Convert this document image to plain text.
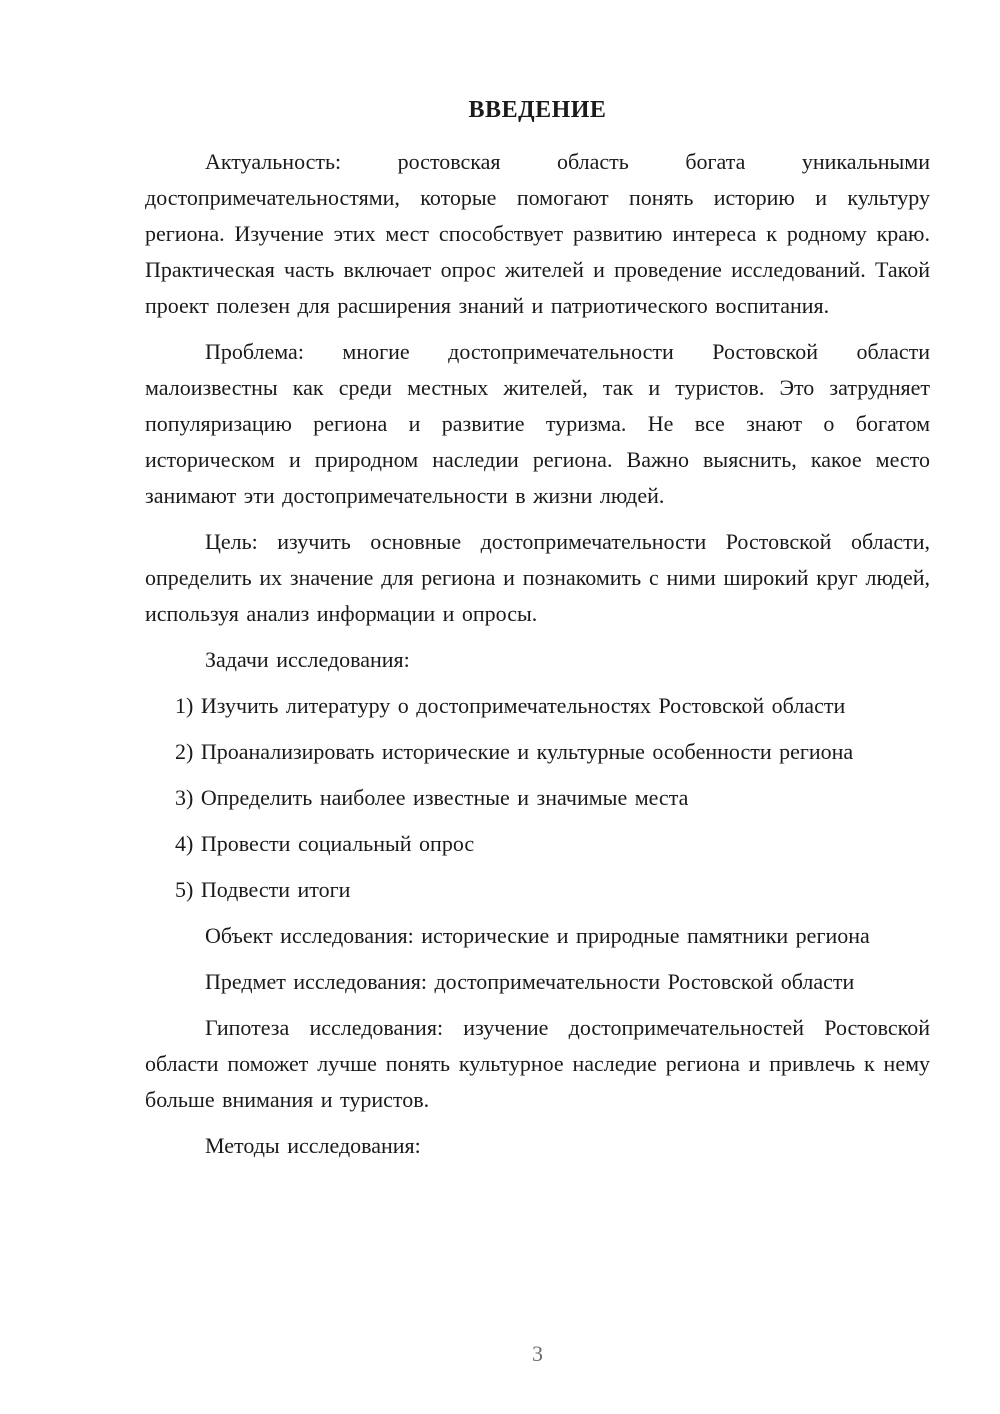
ВВЕДЕНИЕ

Актуальность: ростовская область богата уникальными достопримечательностями, которые помогают понять историю и культуру региона. Изучение этих мест способствует развитию интереса к родному краю. Практическая часть включает опрос жителей и проведение исследований. Такой проект полезен для расширения знаний и патриотического воспитания.

Проблема: многие достопримечательности Ростовской области малоизвестны как среди местных жителей, так и туристов. Это затрудняет популяризацию региона и развитие туризма. Не все знают о богатом историческом и природном наследии региона. Важно выяснить, какое место занимают эти достопримечательности в жизни людей.

Цель: изучить основные достопримечательности Ростовской области, определить их значение для региона и познакомить с ними широкий круг людей, используя анализ информации и опросы.

Задачи исследования:

1) Изучить литературу о достопримечательностях Ростовской области

2) Проанализировать исторические и культурные особенности региона

3) Определить наиболее известные и значимые места

4) Провести социальный опрос

5) Подвести итоги

Объект исследования: исторические и природные памятники региона

Предмет исследования: достопримечательности Ростовской области

Гипотеза исследования: изучение достопримечательностей Ростовской области поможет лучше понять культурное наследие региона и привлечь к нему больше внимания и туристов.

Методы исследования:

3
